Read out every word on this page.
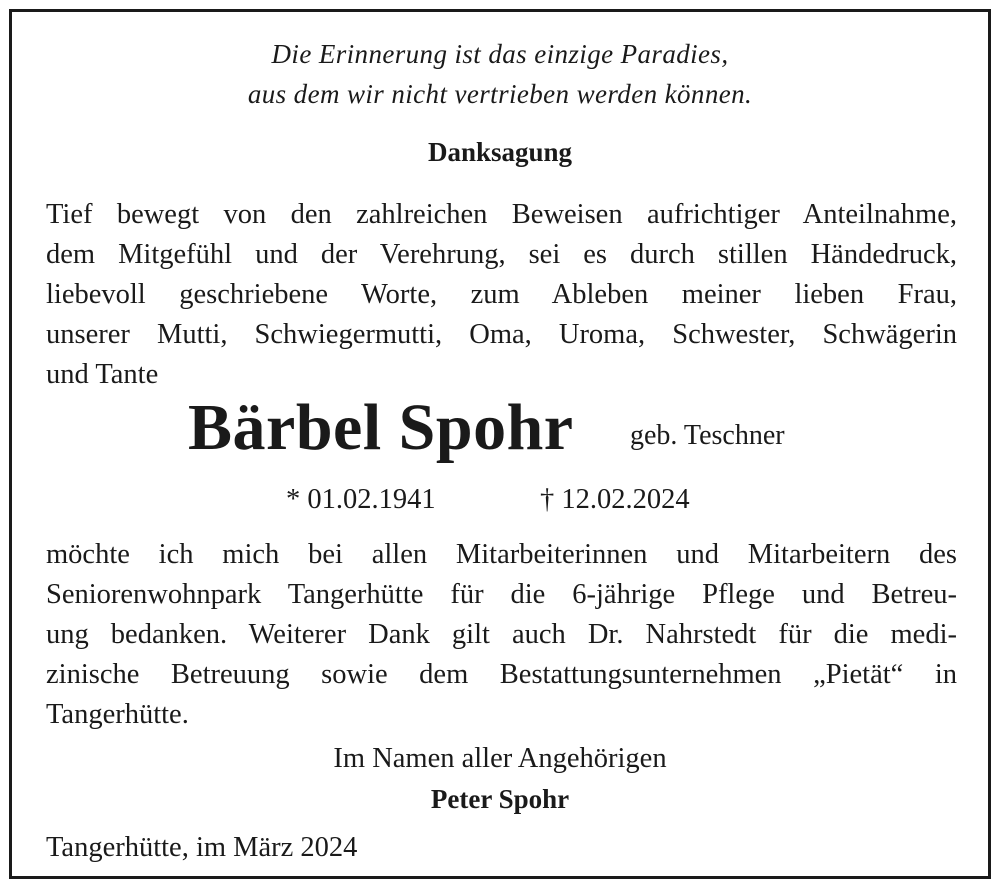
Die Erinnerung ist das einzige Paradies,
aus dem wir nicht vertrieben werden können.
Danksagung
Tief bewegt von den zahlreichen Beweisen aufrichtiger Anteilnahme,
dem Mitgefühl und der Verehrung, sei es durch stillen Händedruck,
liebevoll geschriebene Worte, zum Ableben meiner lieben Frau,
unserer Mutti, Schwiegermutti, Oma, Uroma, Schwester, Schwägerin
und Tante
Bärbel Spohr geb. Teschner
* 01.02.1941	† 12.02.2024
möchte ich mich bei allen Mitarbeiterinnen und Mitarbeitern des
Seniorenwohnpark Tangerhütte für die 6-jährige Pflege und Betreu-
ung bedanken. Weiterer Dank gilt auch Dr. Nahrstedt für die medi-
zinische Betreuung sowie dem Bestattungsunternehmen „Pietät“ in
Tangerhütte.
Im Namen aller Angehörigen
Peter Spohr
Tangerhütte, im März 2024
